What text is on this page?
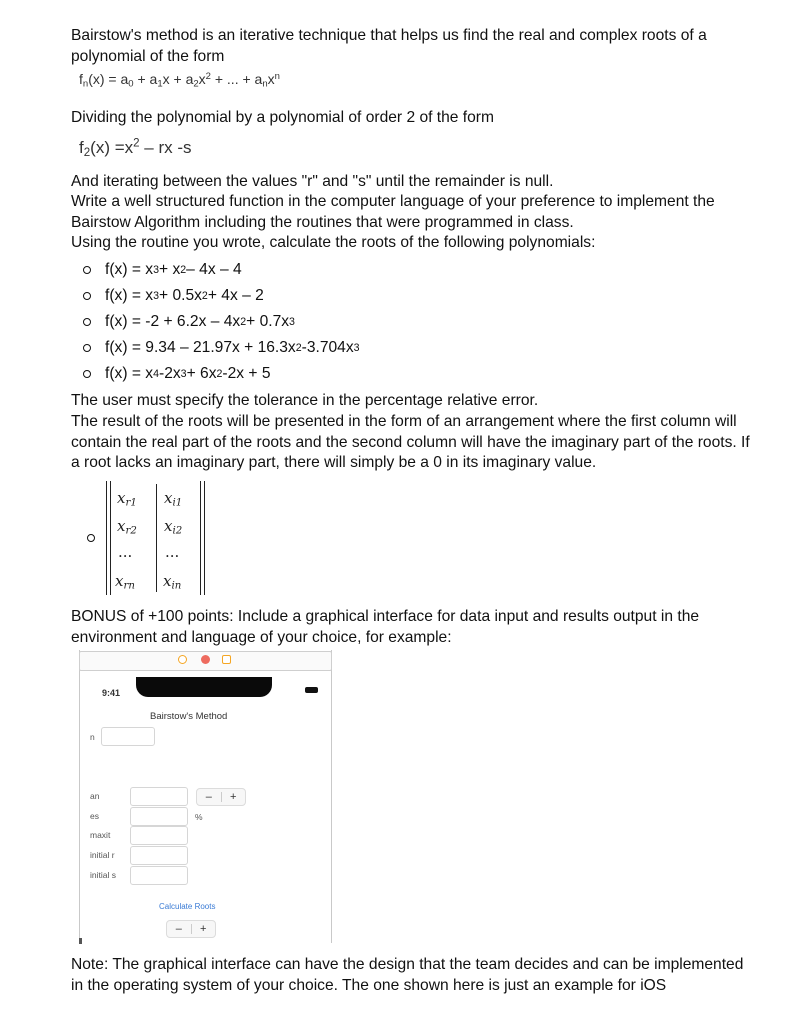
Bairstow's method is an iterative technique that helps us find the real and complex roots of a polynomial of the form

$f_n(x) = a_0 + a_1x + a_2x^2$ + ... + $a_nx^n$

Dividing the polynomial by a polynomial of order 2 of the form

$f_2(x) =x^2$ – rx -s

And iterating between the values "r" and "s" until the remainder is null.

Write a well structured function in the computer language of your preference to implement the Bairstow Algorithm including the routines that were programmed in class.

Using the routine you wrote, calculate the roots of the following polynomials:

f(x) = x 3 + x 2 – 4x – 4
f(x) = x 3 + 0.5x 2 + 4x – 2
f(x) = -2 + 6.2x – 4x 2 + 0.7x 3
f(x) = 9.34 – 21.97x + 16.3x 2 -3.704x 3
f(x) = x 4 -2x 3 + 6x 2 -2x + 5

The user must specify the tolerance in the percentage relative error.

The result of the roots will be presented in the form of an arrangement where the first column will contain the real part of the roots and the second column will have the imaginary part of the roots. If a root lacks an imaginary part, there will simply be a 0 in its imaginary value.

$x_{r1}$ $x_{i1}$
$x_{r2}$ $x_{i2}$
... ...
$x_{rn}$ $x_{in}$

BONUS of +100 points: Include a graphical interface for data input and results output in the environment and language of your choice, for example:

9:41
Bairstow's Method
n
an	–	+
es	%
maxit
initial r
initial s
Calculate Roots
–	+

Note: The graphical interface can have the design that the team decides and can be implemented in the operating system of your choice. The one shown here is just an example for iOS
